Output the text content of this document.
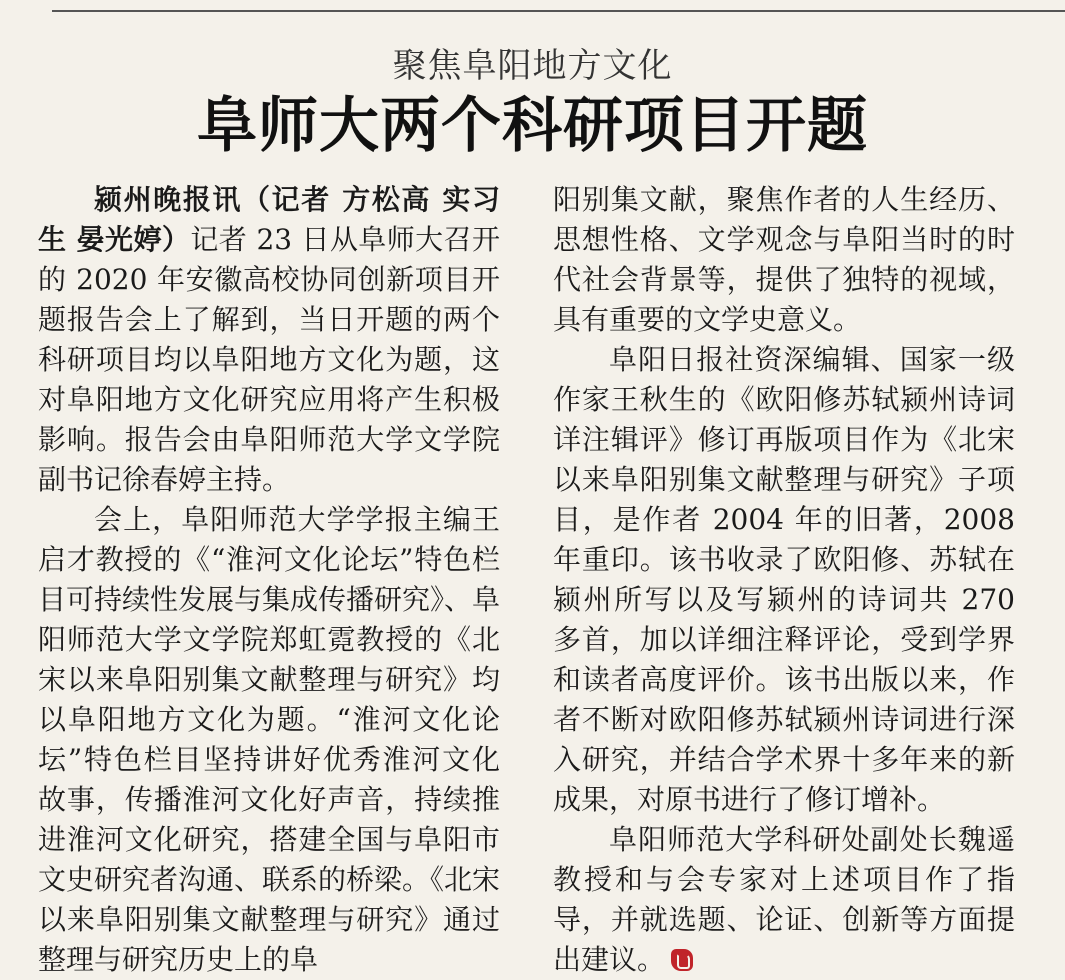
聚焦阜阳地方文化
阜师大两个科研项目开题

颍州晚报讯（记者 方松高 实习生 晏光婷）记者 23 日从阜师大召开的 2020 年安徽高校协同创新项目开题报告会上了解到，当日开题的两个科研项目均以阜阳地方文化为题，这对阜阳地方文化研究应用将产生积极影响。报告会由阜阳师范大学文学院副书记徐春婷主持。

会上，阜阳师范大学学报主编王启才教授的《“淮河文化论坛”特色栏目可持续性发展与集成传播研究》、阜阳师范大学文学院郑虹霓教授的《北宋以来阜阳别集文献整理与研究》均以阜阳地方文化为题。“淮河文化论坛”特色栏目坚持讲好优秀淮河文化故事，传播淮河文化好声音，持续推进淮河文化研究，搭建全国与阜阳市文史研究者沟通、联系的桥梁。《北宋以来阜阳别集文献整理与研究》通过整理与研究历史上的阜

阳别集文献，聚焦作者的人生经历、思想性格、文学观念与阜阳当时的时代社会背景等，提供了独特的视域，具有重要的文学史意义。

阜阳日报社资深编辑、国家一级作家王秋生的《欧阳修苏轼颍州诗词详注辑评》修订再版项目作为《北宋以来阜阳别集文献整理与研究》子项目，是作者 2004 年的旧著，2008 年重印。该书收录了欧阳修、苏轼在颍州所写以及写颍州的诗词共 270 多首，加以详细注释评论，受到学界和读者高度评价。该书出版以来，作者不断对欧阳修苏轼颍州诗词进行深入研究，并结合学术界十多年来的新成果，对原书进行了修订增补。

阜阳师范大学科研处副处长魏遥教授和与会专家对上述项目作了指导，并就选题、论证、创新等方面提出建议。
